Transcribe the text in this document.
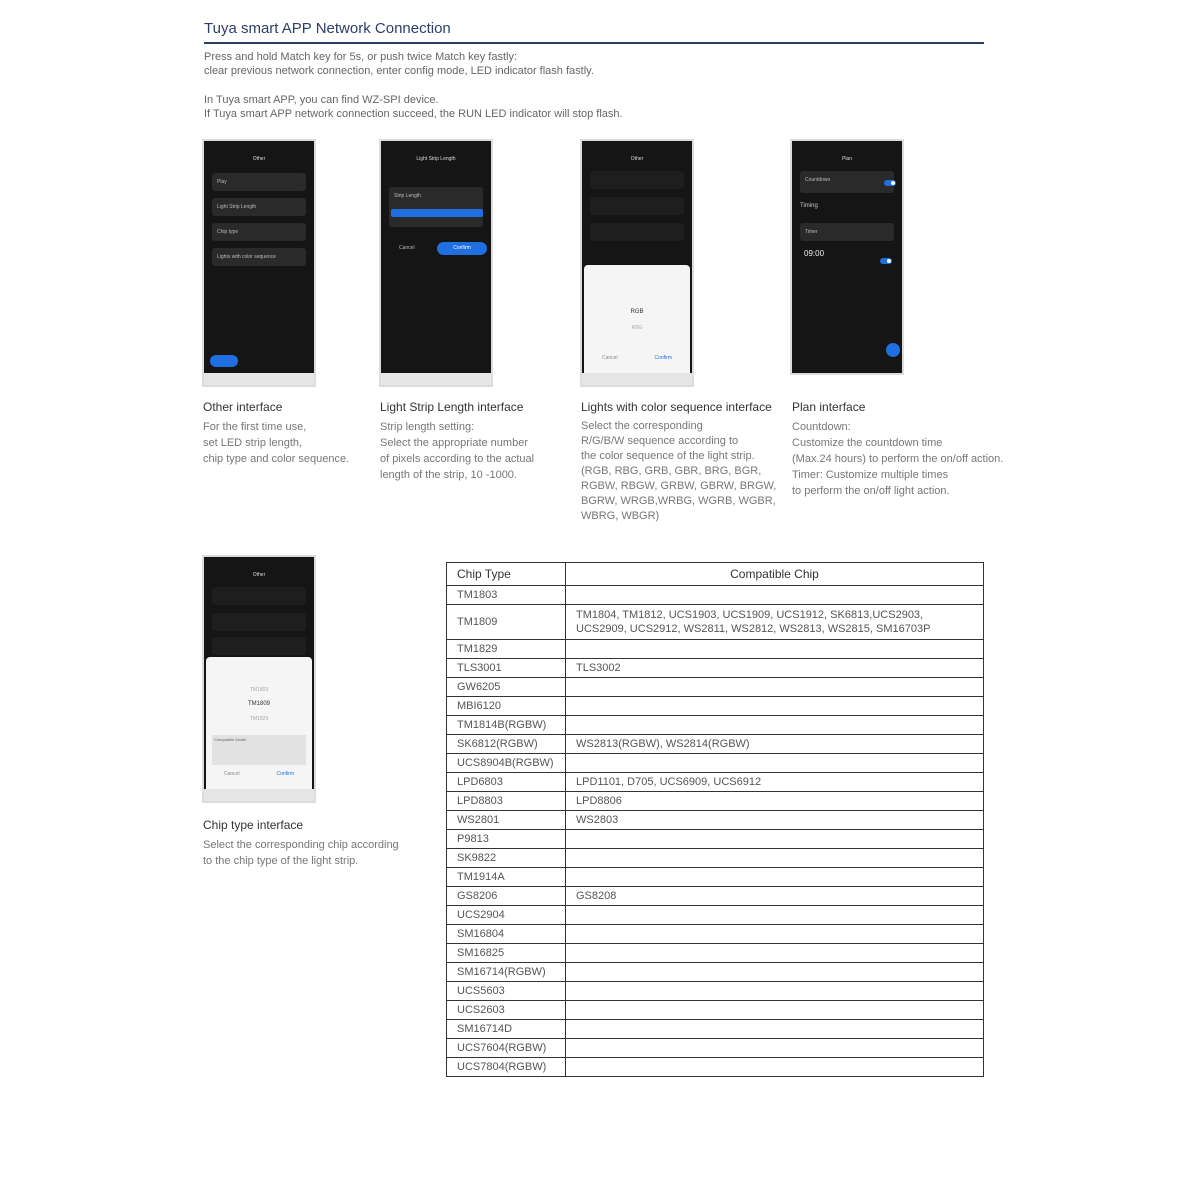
Tuya smart APP Network Connection
Press and hold Match key for 5s, or push twice Match key fastly:
clear previous network connection, enter config mode, LED indicator flash fastly.
In Tuya smart APP, you can find WZ-SPI device.
If Tuya smart APP network connection succeed, the RUN LED indicator will stop flash.
Other
Play
Light Strip Length
Chip type
Lights with color sequence
Light Strip Length
Strip Length
Cancel	Confirm
Other
RGB
RBG
Cancel	Confirm
Plan
Countdown
Timing
Timer
09:00
Other
TM1803
TM1809
TM1829
Compatible Model
Cancel	Confirm
Other interface
For the first time use,
set LED strip length,
chip type and color sequence.
Light Strip Length interface
Strip length setting:
Select the appropriate number
of pixels according to the actual
length of the strip, 10 -1000.
Lights with color sequence interface
Select the corresponding
R/G/B/W sequence according to
the color sequence of the light strip.
(RGB, RBG, GRB, GBR, BRG, BGR,
RGBW, RBGW, GRBW, GBRW, BRGW,
BGRW, WRGB,WRBG, WGRB, WGBR,
WBRG, WBGR)
Plan interface
Countdown:
Customize the countdown time
(Max.24 hours) to perform the on/off action.
Timer: Customize multiple times
to perform the on/off light action.
Chip type interface
Select the corresponding chip according
to the chip type of the light strip.
Chip Type	Compatible Chip
TM1803	
TM1809	TM1804, TM1812, UCS1903, UCS1909, UCS1912, SK6813,UCS2903, UCS2909, UCS2912, WS2811, WS2812, WS2813, WS2815, SM16703P
TM1829	
TLS3001	TLS3002
GW6205	
MBI6120	
TM1814B(RGBW)	
SK6812(RGBW)	WS2813(RGBW), WS2814(RGBW)
UCS8904B(RGBW)	
LPD6803	LPD1101, D705, UCS6909, UCS6912
LPD8803	LPD8806
WS2801	WS2803
P9813	
SK9822	
TM1914A	
GS8206	GS8208
UCS2904	
SM16804	
SM16825	
SM16714(RGBW)	
UCS5603	
UCS2603	
SM16714D	
UCS7604(RGBW)	
UCS7804(RGBW)	
